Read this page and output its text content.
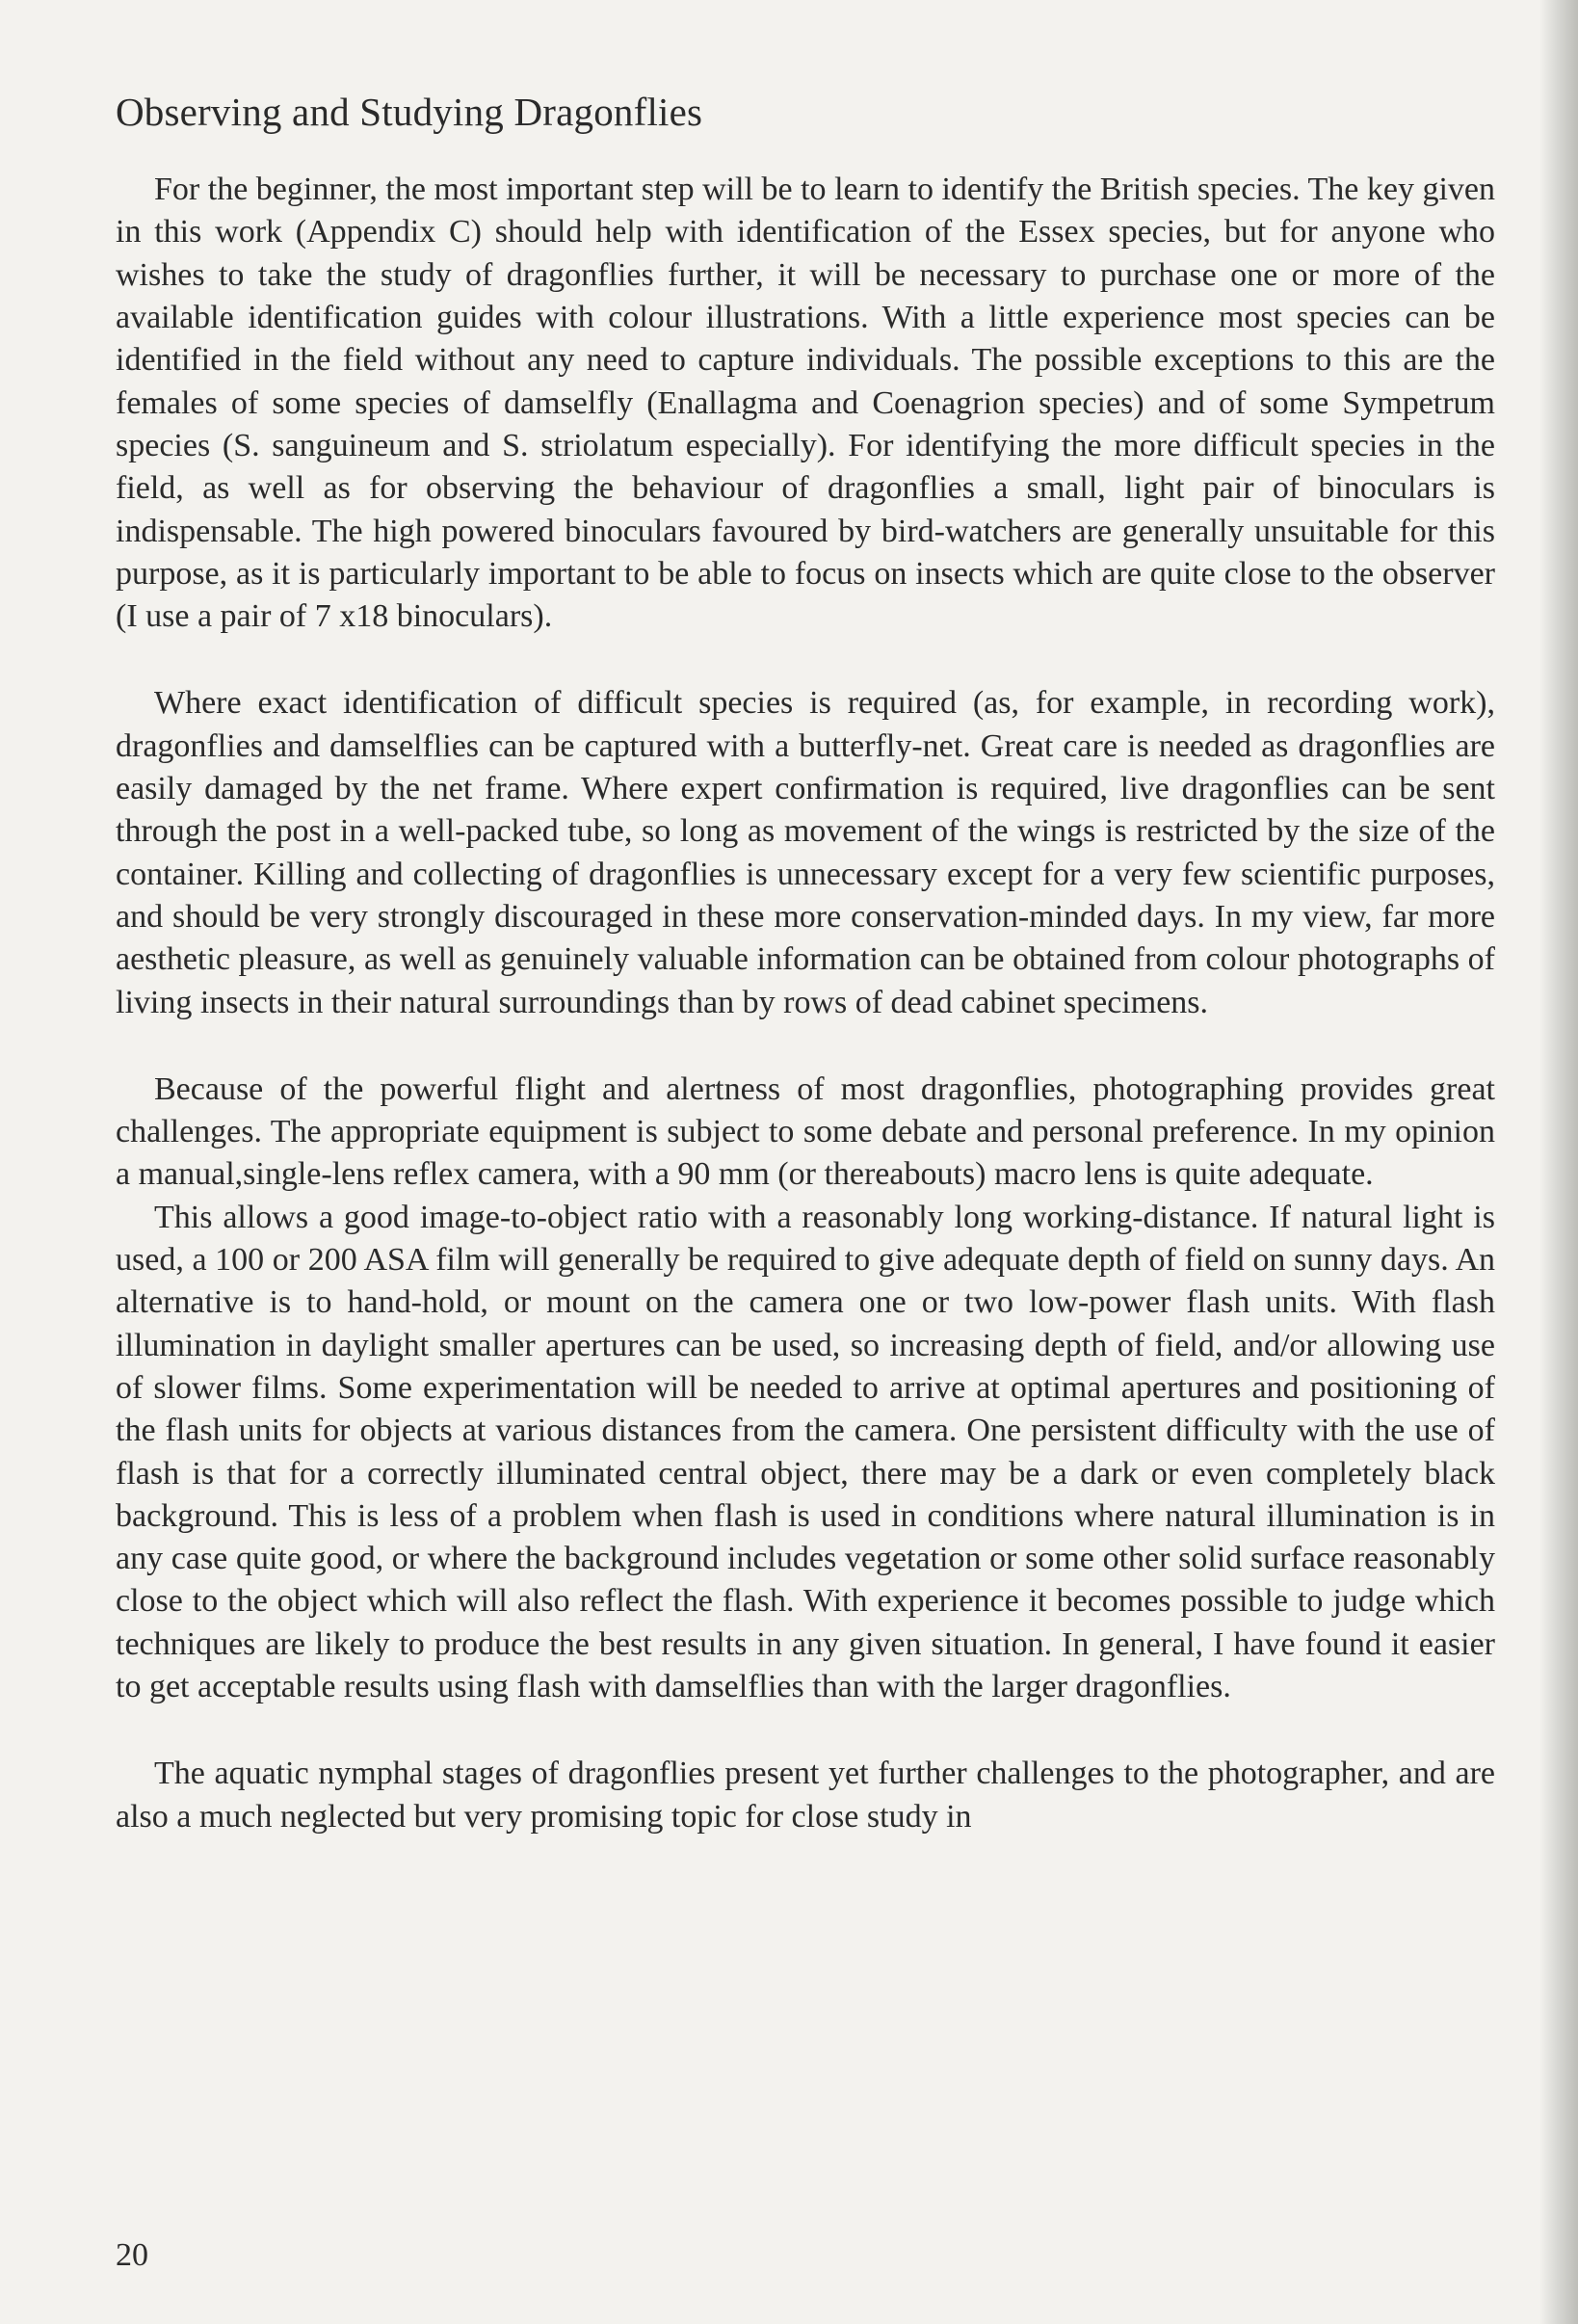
Observing and Studying Dragonflies

For the beginner, the most important step will be to learn to identify the British species. The key given in this work (Appendix C) should help with identification of the Essex species, but for anyone who wishes to take the study of dragonflies further, it will be necessary to purchase one or more of the available identification guides with colour illustrations. With a little experience most species can be identified in the field without any need to capture individuals. The possible exceptions to this are the females of some species of damselfly (Enallagma and Coenagrion species) and of some Sympetrum species (S. sanguineum and S. striolatum especially). For identifying the more difficult species in the field, as well as for observing the behaviour of dragonflies a small, light pair of binoculars is indispensable. The high powered binoculars favoured by bird-watchers are generally unsuitable for this purpose, as it is particularly important to be able to focus on insects which are quite close to the observer (I use a pair of 7 x18 binoculars).

Where exact identification of difficult species is required (as, for example, in recording work), dragonflies and damselflies can be captured with a butterfly-net. Great care is needed as dragonflies are easily damaged by the net frame. Where expert confirmation is required, live dragonflies can be sent through the post in a well-packed tube, so long as movement of the wings is restricted by the size of the container. Killing and collecting of dragonflies is unnecessary except for a very few scientific purposes, and should be very strongly discouraged in these more conservation-minded days. In my view, far more aesthetic pleasure, as well as genuinely valuable information can be obtained from colour photographs of living insects in their natural surroundings than by rows of dead cabinet specimens.

Because of the powerful flight and alertness of most dragonflies, photographing provides great challenges. The appropriate equipment is subject to some debate and personal preference. In my opinion a manual,single-lens reflex camera, with a 90 mm (or thereabouts) macro lens is quite adequate.

This allows a good image-to-object ratio with a reasonably long working-distance. If natural light is used, a 100 or 200 ASA film will generally be required to give adequate depth of field on sunny days. An alternative is to hand-hold, or mount on the camera one or two low-power flash units. With flash illumination in daylight smaller apertures can be used, so increasing depth of field, and/or allowing use of slower films. Some experimentation will be needed to arrive at optimal apertures and positioning of the flash units for objects at various distances from the camera. One persistent difficulty with the use of flash is that for a correctly illuminated central object, there may be a dark or even completely black background. This is less of a problem when flash is used in conditions where natural illumination is in any case quite good, or where the background includes vegetation or some other solid surface reasonably close to the object which will also reflect the flash. With experience it becomes possible to judge which techniques are likely to produce the best results in any given situation. In general, I have found it easier to get acceptable results using flash with damselflies than with the larger dragonflies.

The aquatic nymphal stages of dragonflies present yet further challenges to the photographer, and are also a much neglected but very promising topic for close study in

20
